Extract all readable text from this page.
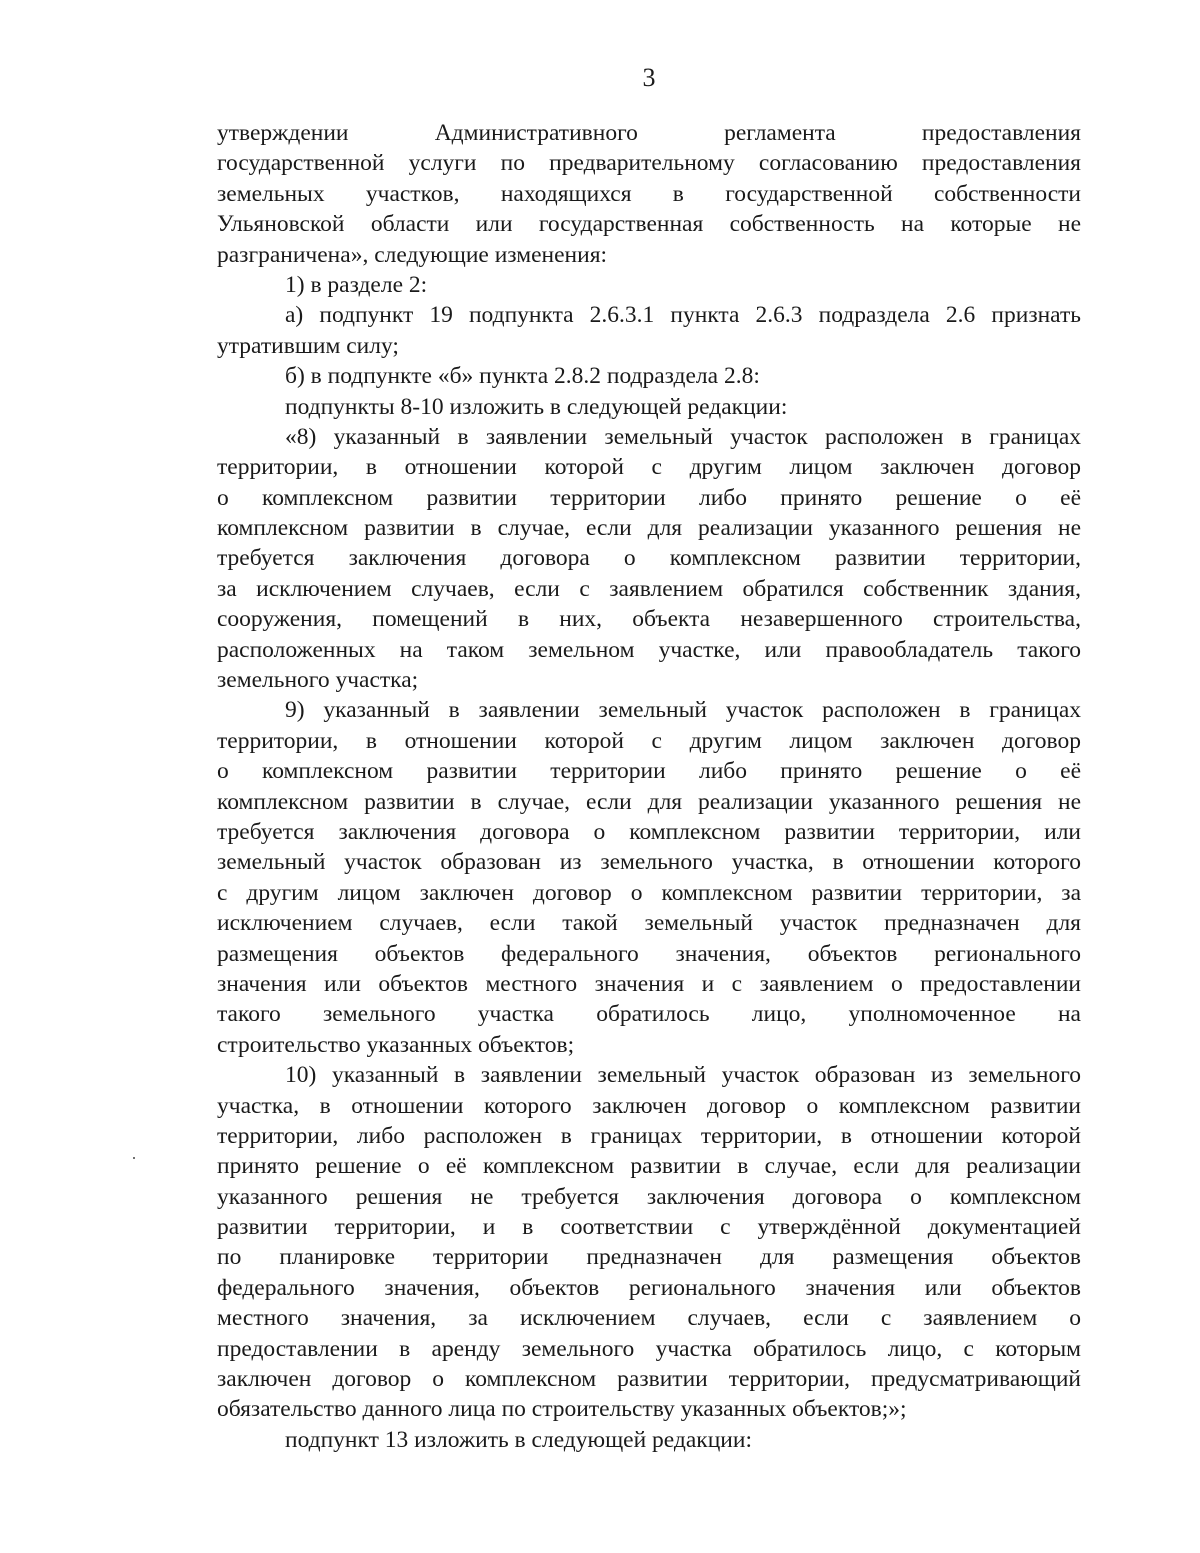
3
утверждении Административного регламента предоставления
государственной услуги по предварительному согласованию предоставления
земельных участков, находящихся в государственной собственности
Ульяновской области или государственная собственность на которые не
разграничена», следующие изменения:
1) в разделе 2:
а) подпункт 19 подпункта 2.6.3.1 пункта 2.6.3 подраздела 2.6 признать
утратившим силу;
б) в подпункте «б» пункта 2.8.2 подраздела 2.8:
подпункты 8-10 изложить в следующей редакции:
«8) указанный в заявлении земельный участок расположен в границах
территории, в отношении которой с другим лицом заключен договор
о комплексном развитии территории либо принято решение о её
комплексном развитии в случае, если для реализации указанного решения не
требуется заключения договора о комплексном развитии территории,
за исключением случаев, если с заявлением обратился собственник здания,
сооружения, помещений в них, объекта незавершенного строительства,
расположенных на таком земельном участке, или правообладатель такого
земельного участка;
9) указанный в заявлении земельный участок расположен в границах
территории, в отношении которой с другим лицом заключен договор
о комплексном развитии территории либо принято решение о её
комплексном развитии в случае, если для реализации указанного решения не
требуется заключения договора о комплексном развитии территории, или
земельный участок образован из земельного участка, в отношении которого
с другим лицом заключен договор о комплексном развитии территории, за
исключением случаев, если такой земельный участок предназначен для
размещения объектов федерального значения, объектов регионального
значения или объектов местного значения и с заявлением о предоставлении
такого земельного участка обратилось лицо, уполномоченное на
строительство указанных объектов;
10) указанный в заявлении земельный участок образован из земельного
участка, в отношении которого заключен договор о комплексном развитии
территории, либо расположен в границах территории, в отношении которой
принято решение о её комплексном развитии в случае, если для реализации
указанного решения не требуется заключения договора о комплексном
развитии территории, и в соответствии с утверждённой документацией
по планировке территории предназначен для размещения объектов
федерального значения, объектов регионального значения или объектов
местного значения, за исключением случаев, если с заявлением о
предоставлении в аренду земельного участка обратилось лицо, с которым
заключен договор о комплексном развитии территории, предусматривающий
обязательство данного лица по строительству указанных объектов;»;
подпункт 13 изложить в следующей редакции:
